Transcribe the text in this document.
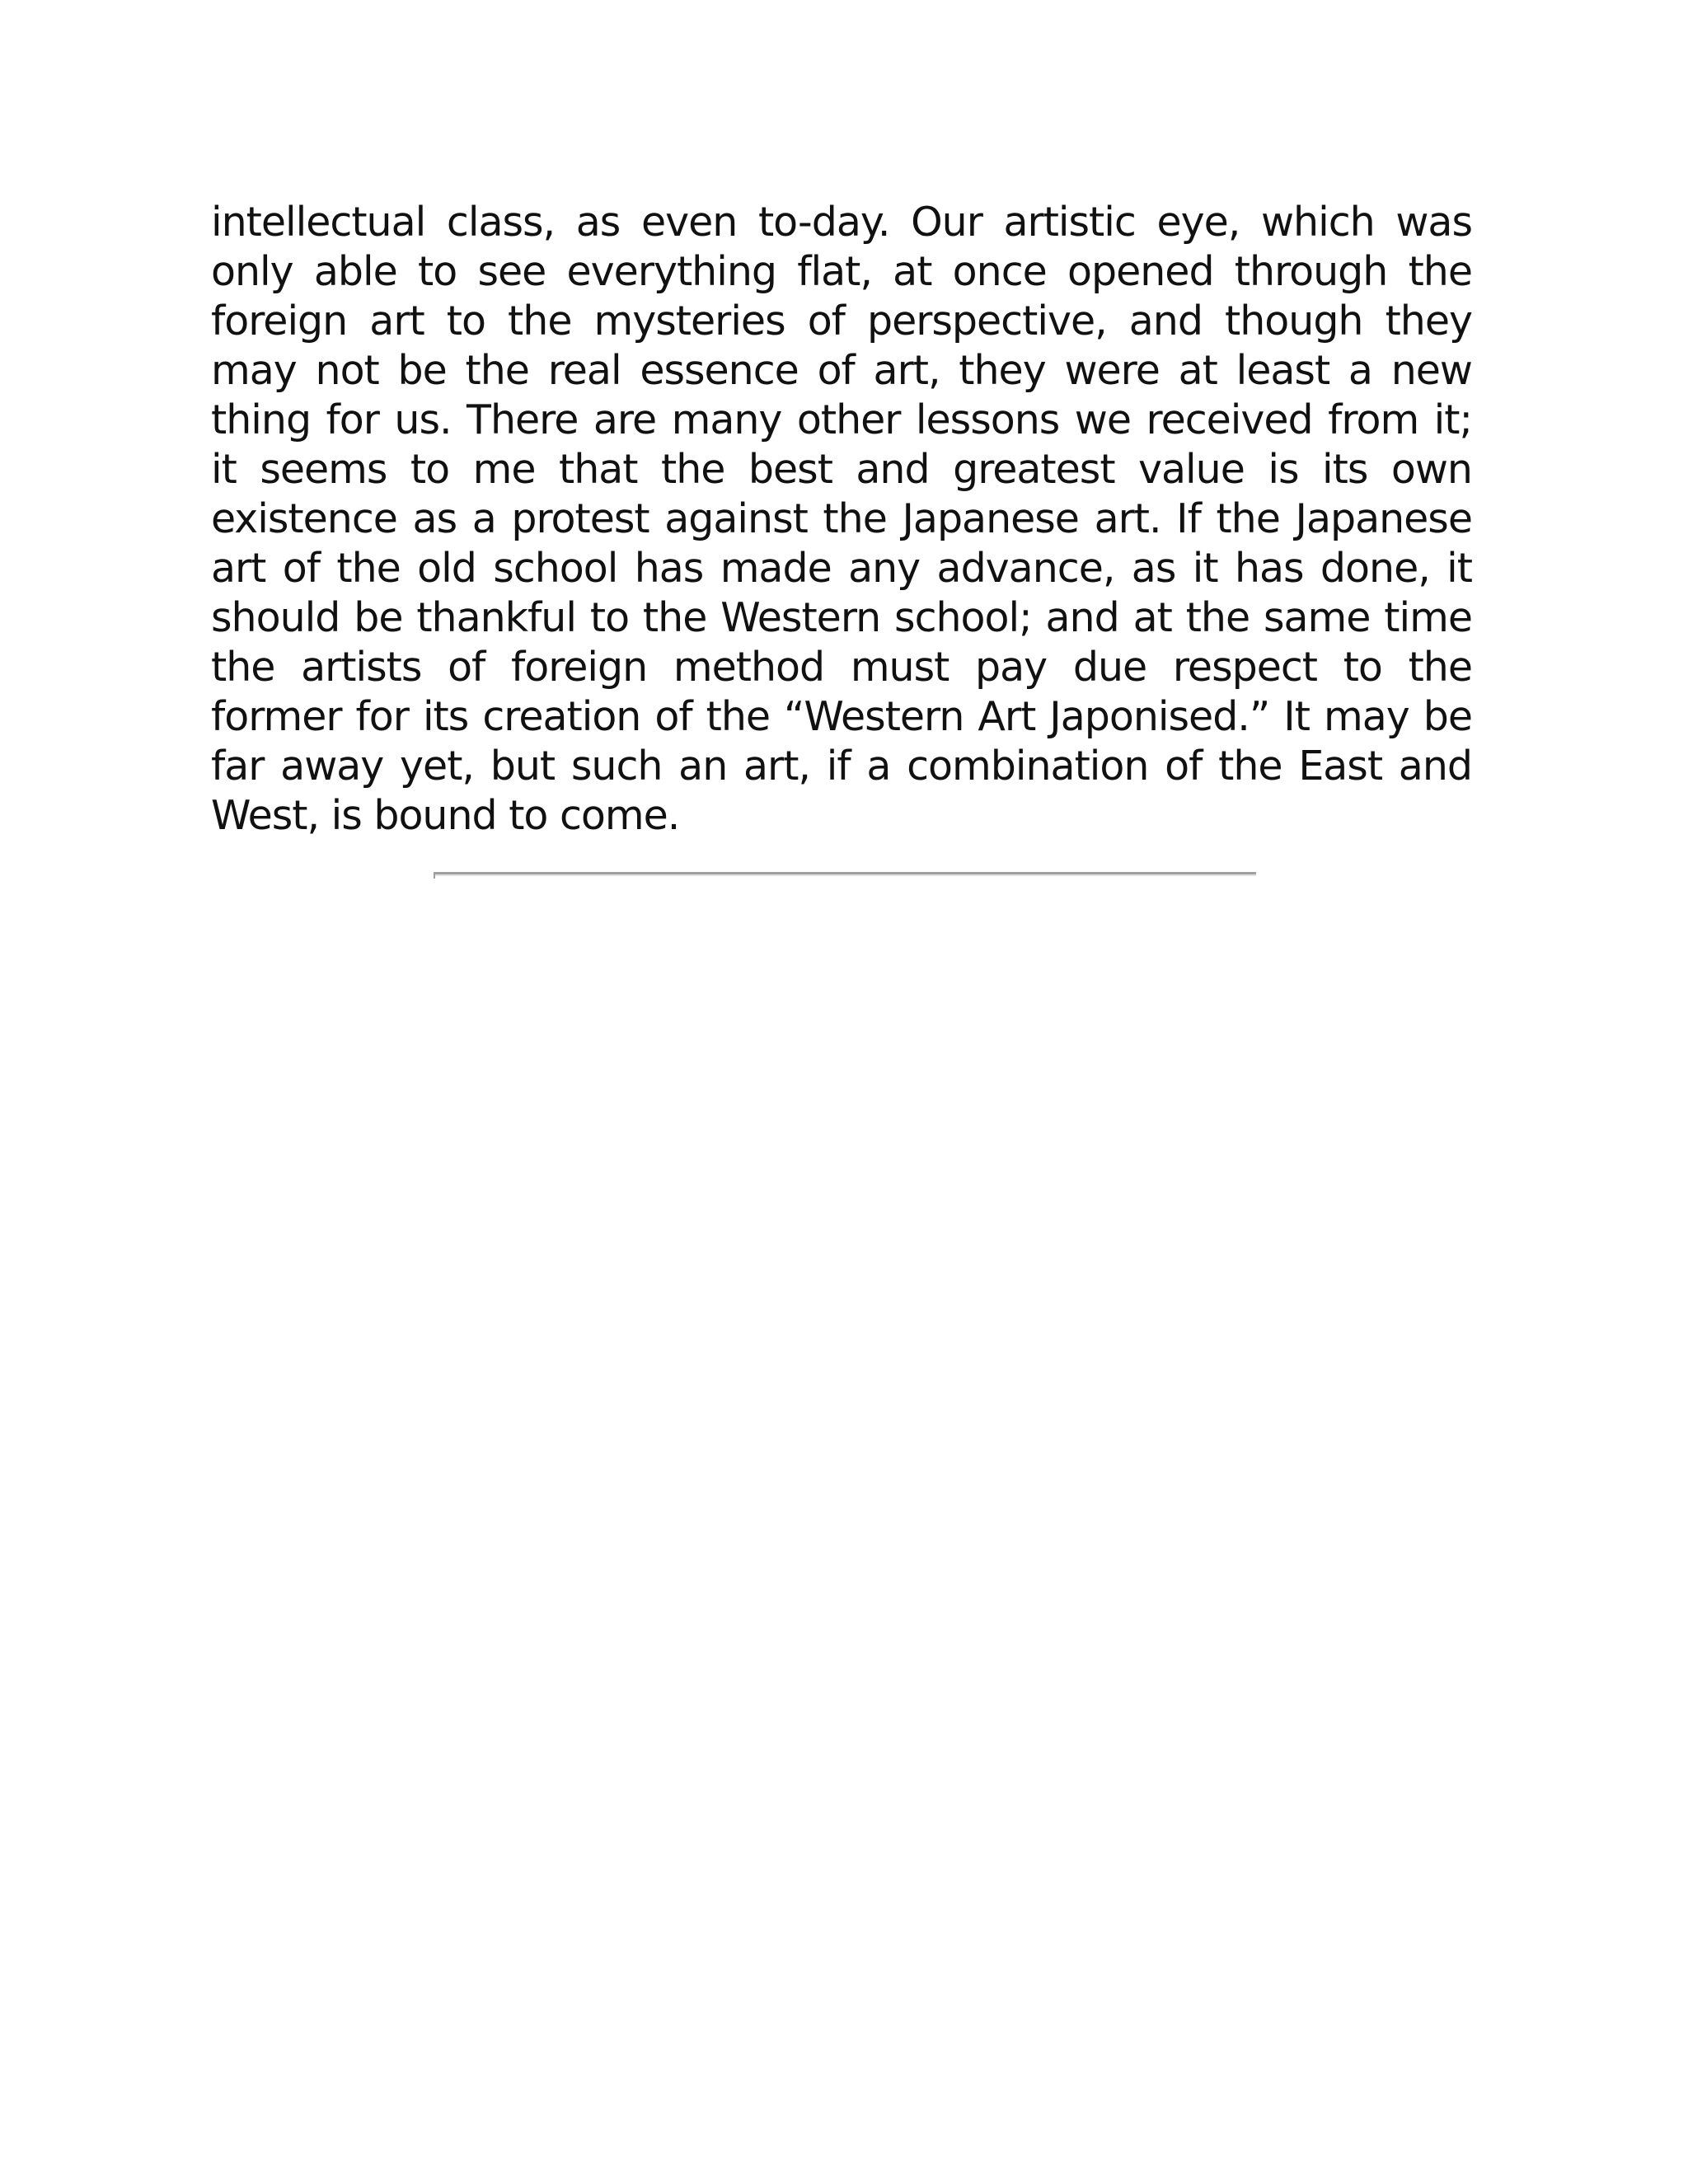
intellectual class, as even to-day. Our artistic eye, which was only able to see everything flat, at once opened through the foreign art to the mysteries of perspective, and though they may not be the real essence of art, they were at least a new thing for us. There are many other lessons we received from it; it seems to me that the best and greatest value is its own existence as a protest against the Japanese art. If the Japanese art of the old school has made any advance, as it has done, it should be thankful to the Western school; and at the same time the artists of foreign method must pay due respect to the former for its creation of the “Western Art Japonised.” It may be far away yet, but such an art, if a combination of the East and West, is bound to come.
